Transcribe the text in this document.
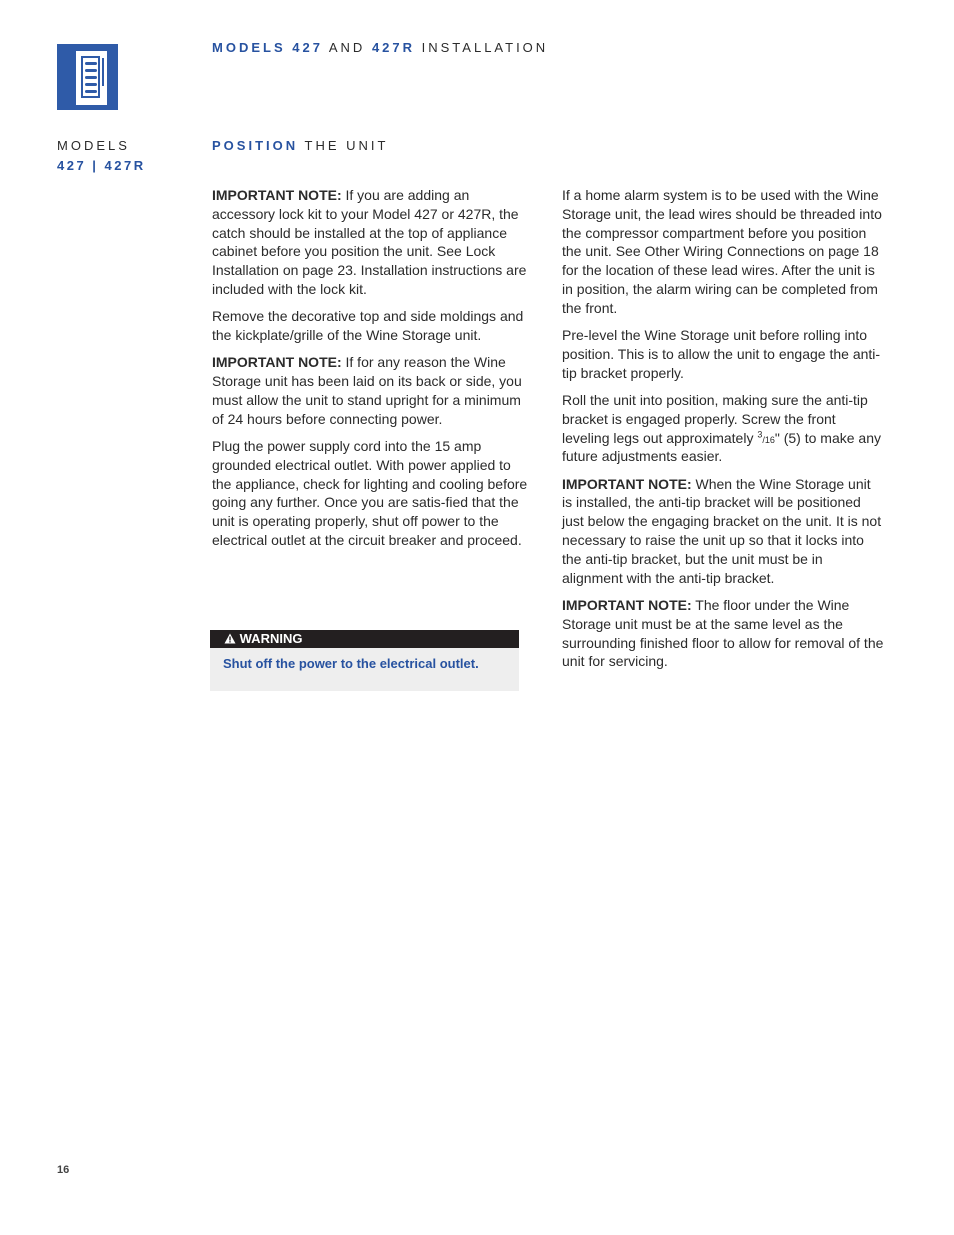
MODELS 427 AND 427R INSTALLATION
MODELS
427 | 427R
POSITION THE UNIT

IMPORTANT NOTE: If you are adding an accessory lock kit to your Model 427 or 427R, the catch should be installed at the top of appliance cabinet before you position the unit. See Lock Installation on page 23. Installation instructions are included with the lock kit.

Remove the decorative top and side moldings and the kickplate/grille of the Wine Storage unit.

IMPORTANT NOTE: If for any reason the Wine Storage unit has been laid on its back or side, you must allow the unit to stand upright for a minimum of 24 hours before connecting power.

Plug the power supply cord into the 15 amp grounded electrical outlet. With power applied to the appliance, check for lighting and cooling before going any further. Once you are satis-fied that the unit is operating properly, shut off power to the electrical outlet at the circuit breaker and proceed.

WARNING
Shut off the power to the electrical outlet.

If a home alarm system is to be used with the Wine Storage unit, the lead wires should be threaded into the compressor compartment before you position the unit. See Other Wiring Connections on page 18 for the location of these lead wires. After the unit is in position, the alarm wiring can be completed from the front.

Pre-level the Wine Storage unit before rolling into position. This is to allow the unit to engage the anti-tip bracket properly.

Roll the unit into position, making sure the anti-tip bracket is engaged properly. Screw the front leveling legs out approximately $^3$/16" (5) to make any future adjustments easier.

IMPORTANT NOTE: When the Wine Storage unit is installed, the anti-tip bracket will be positioned just below the engaging bracket on the unit. It is not necessary to raise the unit up so that it locks into the anti-tip bracket, but the unit must be in alignment with the anti-tip bracket.

IMPORTANT NOTE: The floor under the Wine Storage unit must be at the same level as the surrounding finished floor to allow for removal of the unit for servicing.

16
